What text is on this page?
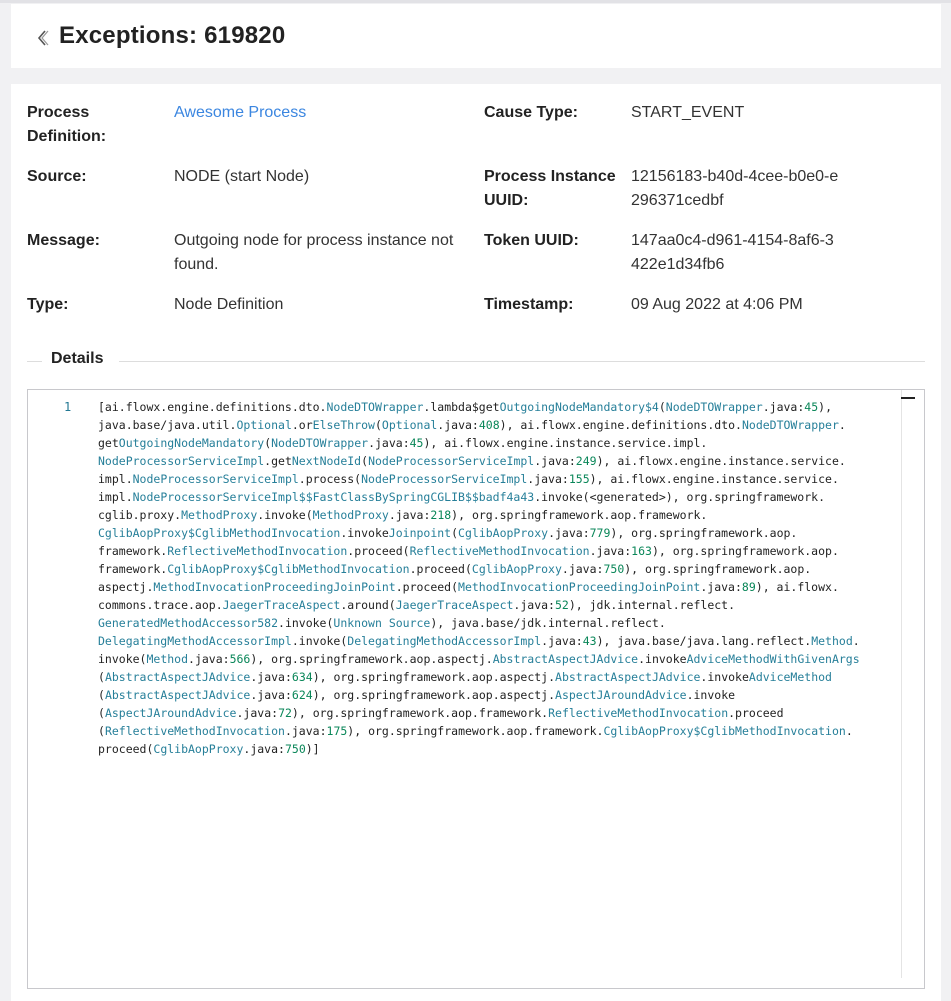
Exceptions: 619820
Process Definition:
Awesome Process
Source:	NODE (start Node)
Message:	Outgoing node for process instance not found.
Type:	Node Definition
Cause Type:	START_EVENT
Process Instance UUID:
12156183-b40d-4cee-b0e0-e296371cedbf
Token UUID:	147aa0c4-d961-4154-8af6-3422e1d34fb6
Timestamp:	09 Aug 2022 at 4:06 PM
Details
1 [ai.flowx.engine.definitions.dto.NodeDTOWrapper.lambda$getOutgoingNodeMandatory$4(NodeDTOWrapper.java:45),
java.base/java.util.Optional.orElseThrow(Optional.java:408), ai.flowx.engine.definitions.dto.NodeDTOWrapper.
getOutgoingNodeMandatory(NodeDTOWrapper.java:45), ai.flowx.engine.instance.service.impl.
NodeProcessorServiceImpl.getNextNodeId(NodeProcessorServiceImpl.java:249), ai.flowx.engine.instance.service.
impl.NodeProcessorServiceImpl.process(NodeProcessorServiceImpl.java:155), ai.flowx.engine.instance.service.
impl.NodeProcessorServiceImpl$$FastClassBySpringCGLIB$$badf4a43.invoke(<generated>), org.springframework.
cglib.proxy.MethodProxy.invoke(MethodProxy.java:218), org.springframework.aop.framework.
CglibAopProxy$CglibMethodInvocation.invokeJoinpoint(CglibAopProxy.java:779), org.springframework.aop.
framework.ReflectiveMethodInvocation.proceed(ReflectiveMethodInvocation.java:163), org.springframework.aop.
framework.CglibAopProxy$CglibMethodInvocation.proceed(CglibAopProxy.java:750), org.springframework.aop.
aspectj.MethodInvocationProceedingJoinPoint.proceed(MethodInvocationProceedingJoinPoint.java:89), ai.flowx.
commons.trace.aop.JaegerTraceAspect.around(JaegerTraceAspect.java:52), jdk.internal.reflect.
GeneratedMethodAccessor582.invoke(Unknown Source), java.base/jdk.internal.reflect.
DelegatingMethodAccessorImpl.invoke(DelegatingMethodAccessorImpl.java:43), java.base/java.lang.reflect.Method.
invoke(Method.java:566), org.springframework.aop.aspectj.AbstractAspectJAdvice.invokeAdviceMethodWithGivenArgs
(AbstractAspectJAdvice.java:634), org.springframework.aop.aspectj.AbstractAspectJAdvice.invokeAdviceMethod
(AbstractAspectJAdvice.java:624), org.springframework.aop.aspectj.AspectJAroundAdvice.invoke
(AspectJAroundAdvice.java:72), org.springframework.aop.framework.ReflectiveMethodInvocation.proceed
(ReflectiveMethodInvocation.java:175), org.springframework.aop.framework.CglibAopProxy$CglibMethodInvocation.
proceed(CglibAopProxy.java:750)]
